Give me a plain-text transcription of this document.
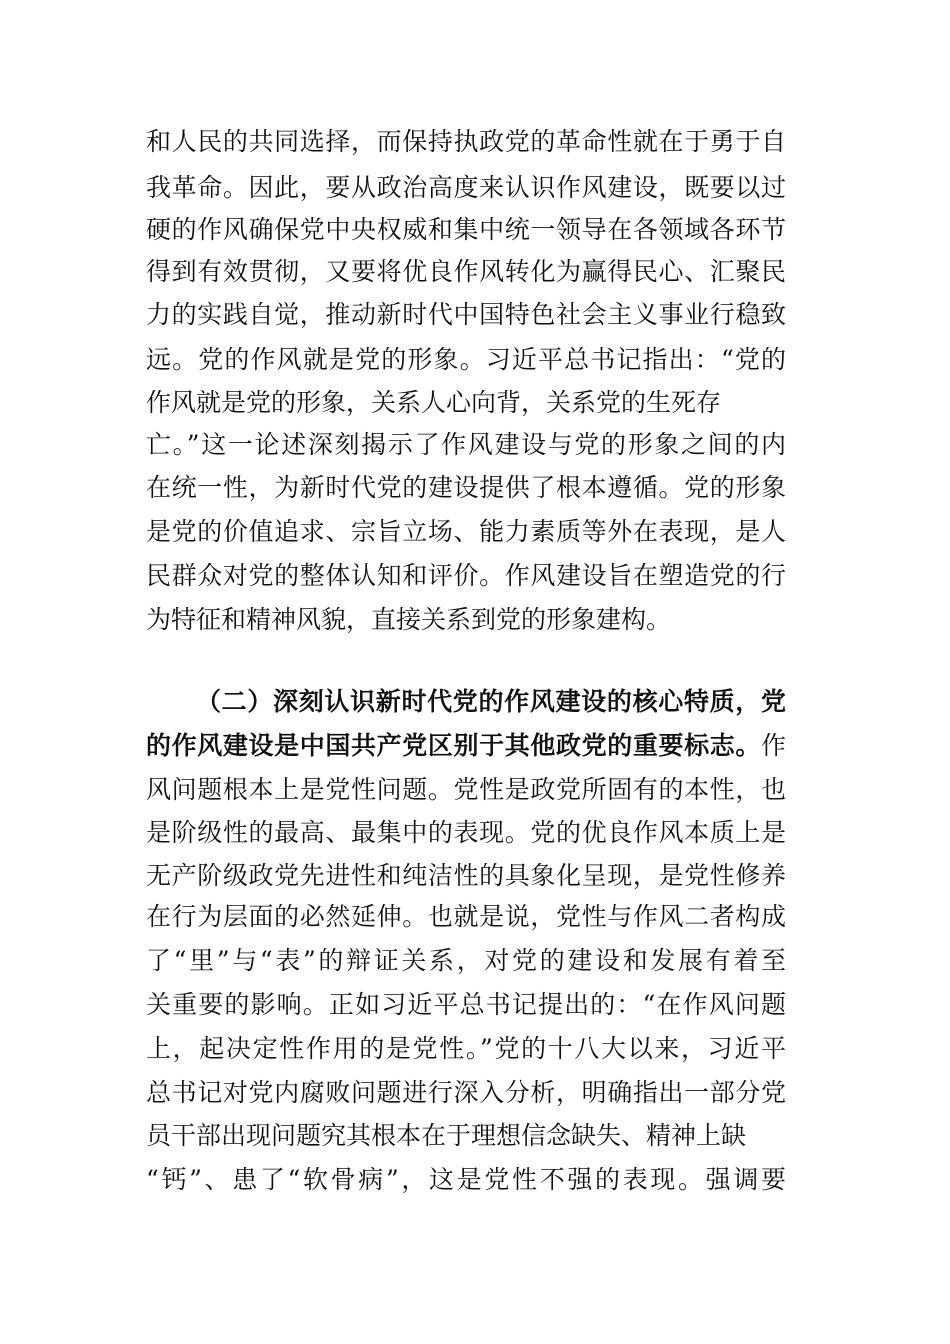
和人民的共同选择，而保持执政党的革命性就在于勇于自
我革命。因此，要从政治高度来认识作风建设，既要以过
硬的作风确保党中央权威和集中统一领导在各领域各环节
得到有效贯彻，又要将优良作风转化为赢得民心、汇聚民
力的实践自觉，推动新时代中国特色社会主义事业行稳致
远。党的作风就是党的形象。习近平总书记指出：“党的
作风就是党的形象，关系人心向背，关系党的生死存
亡。”这一论述深刻揭示了作风建设与党的形象之间的内
在统一性，为新时代党的建设提供了根本遵循。党的形象
是党的价值追求、宗旨立场、能力素质等外在表现，是人
民群众对党的整体认知和评价。作风建设旨在塑造党的行
为特征和精神风貌，直接关系到党的形象建构。
（二）深刻认识新时代党的作风建设的核心特质，党
的作风建设是中国共产党区别于其他政党的重要标志。作
风问题根本上是党性问题。党性是政党所固有的本性，也
是阶级性的最高、最集中的表现。党的优良作风本质上是
无产阶级政党先进性和纯洁性的具象化呈现，是党性修养
在行为层面的必然延伸。也就是说，党性与作风二者构成
了“里”与“表”的辩证关系，对党的建设和发展有着至
关重要的影响。正如习近平总书记提出的：“在作风问题
上，起决定性作用的是党性。”党的十八大以来，习近平
总书记对党内腐败问题进行深入分析，明确指出一部分党
员干部出现问题究其根本在于理想信念缺失、精神上缺
“钙”、患了“软骨病”，这是党性不强的表现。强调要
